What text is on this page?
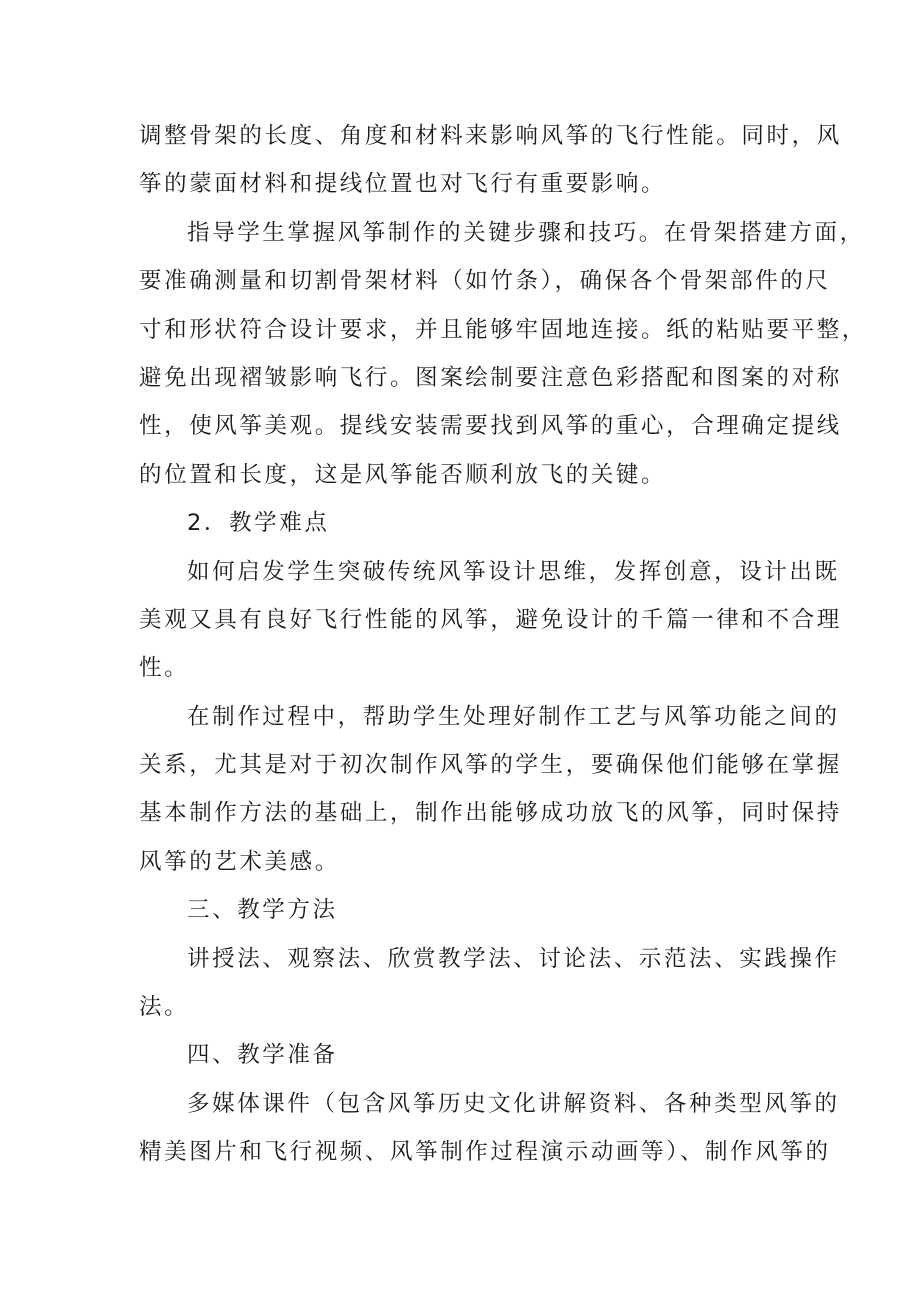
调整骨架的长度、角度和材料来影响风筝的飞行性能。同时，风
筝的蒙面材料和提线位置也对飞行有重要影响。
指导学生掌握风筝制作的关键步骤和技巧。在骨架搭建方面，
要准确测量和切割骨架材料（如竹条），确保各个骨架部件的尺
寸和形状符合设计要求，并且能够牢固地连接。纸的粘贴要平整，
避免出现褶皱影响飞行。图案绘制要注意色彩搭配和图案的对称
性，使风筝美观。提线安装需要找到风筝的重心，合理确定提线
的位置和长度，这是风筝能否顺利放飞的关键。
2．教学难点
如何启发学生突破传统风筝设计思维，发挥创意，设计出既
美观又具有良好飞行性能的风筝，避免设计的千篇一律和不合理
性。
在制作过程中，帮助学生处理好制作工艺与风筝功能之间的
关系，尤其是对于初次制作风筝的学生，要确保他们能够在掌握
基本制作方法的基础上，制作出能够成功放飞的风筝，同时保持
风筝的艺术美感。
三、教学方法
讲授法、观察法、欣赏教学法、讨论法、示范法、实践操作
法。
四、教学准备
多媒体课件（包含风筝历史文化讲解资料、各种类型风筝的
精美图片和飞行视频、风筝制作过程演示动画等）、制作风筝的
